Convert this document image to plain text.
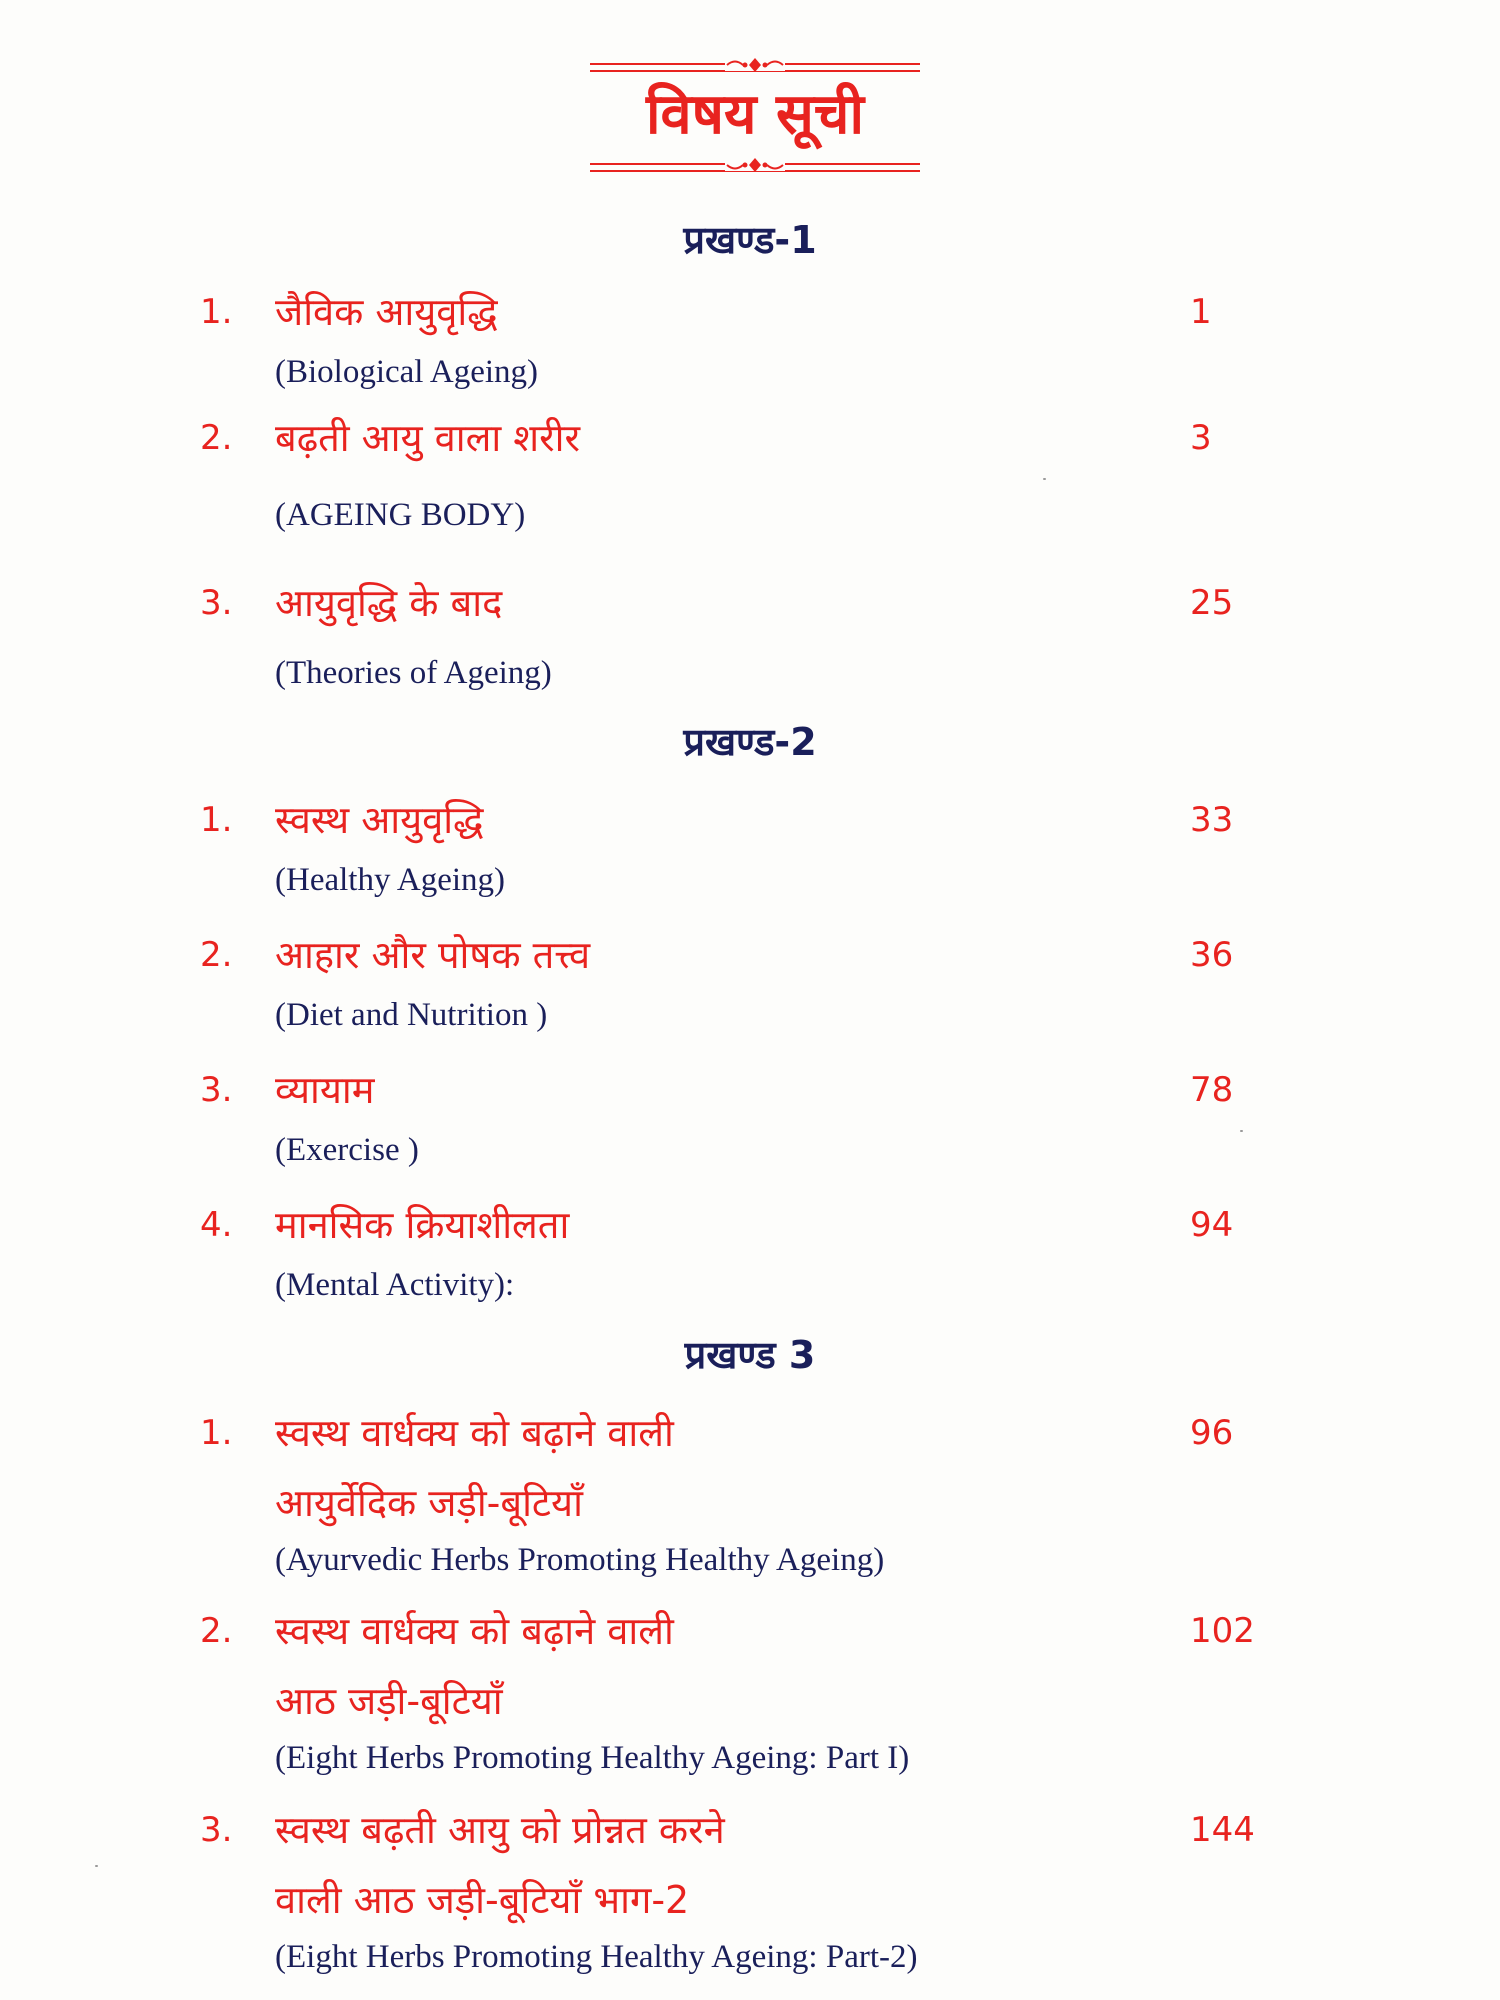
विषय सूची
प्रखण्ड-1
1. जैविक आयुवृद्धि
(Biological Ageing)
1
2. बढ़ती आयु वाला शरीर
(AGEING BODY)
3
3. आयुवृद्धि के बाद
(Theories of Ageing)
25
प्रखण्ड-2
1. स्वस्थ आयुवृद्धि
(Healthy Ageing)
33
2. आहार और पोषक तत्त्व
(Diet and Nutrition )
36
3. व्यायाम
(Exercise )
78
4. मानसिक क्रियाशीलता
(Mental Activity):
94
प्रखण्ड 3
1. स्वस्थ वार्धक्य को बढ़ाने वाली
आयुर्वेदिक जड़ी-बूटियाँ
(Ayurvedic Herbs Promoting Healthy Ageing)
96
2. स्वस्थ वार्धक्य को बढ़ाने वाली
आठ जड़ी-बूटियाँ
(Eight Herbs Promoting Healthy Ageing: Part I)
102
3. स्वस्थ बढ़ती आयु को प्रोन्नत करने
वाली आठ जड़ी-बूटियाँ भाग-2
(Eight Herbs Promoting Healthy Ageing: Part-2)
144
